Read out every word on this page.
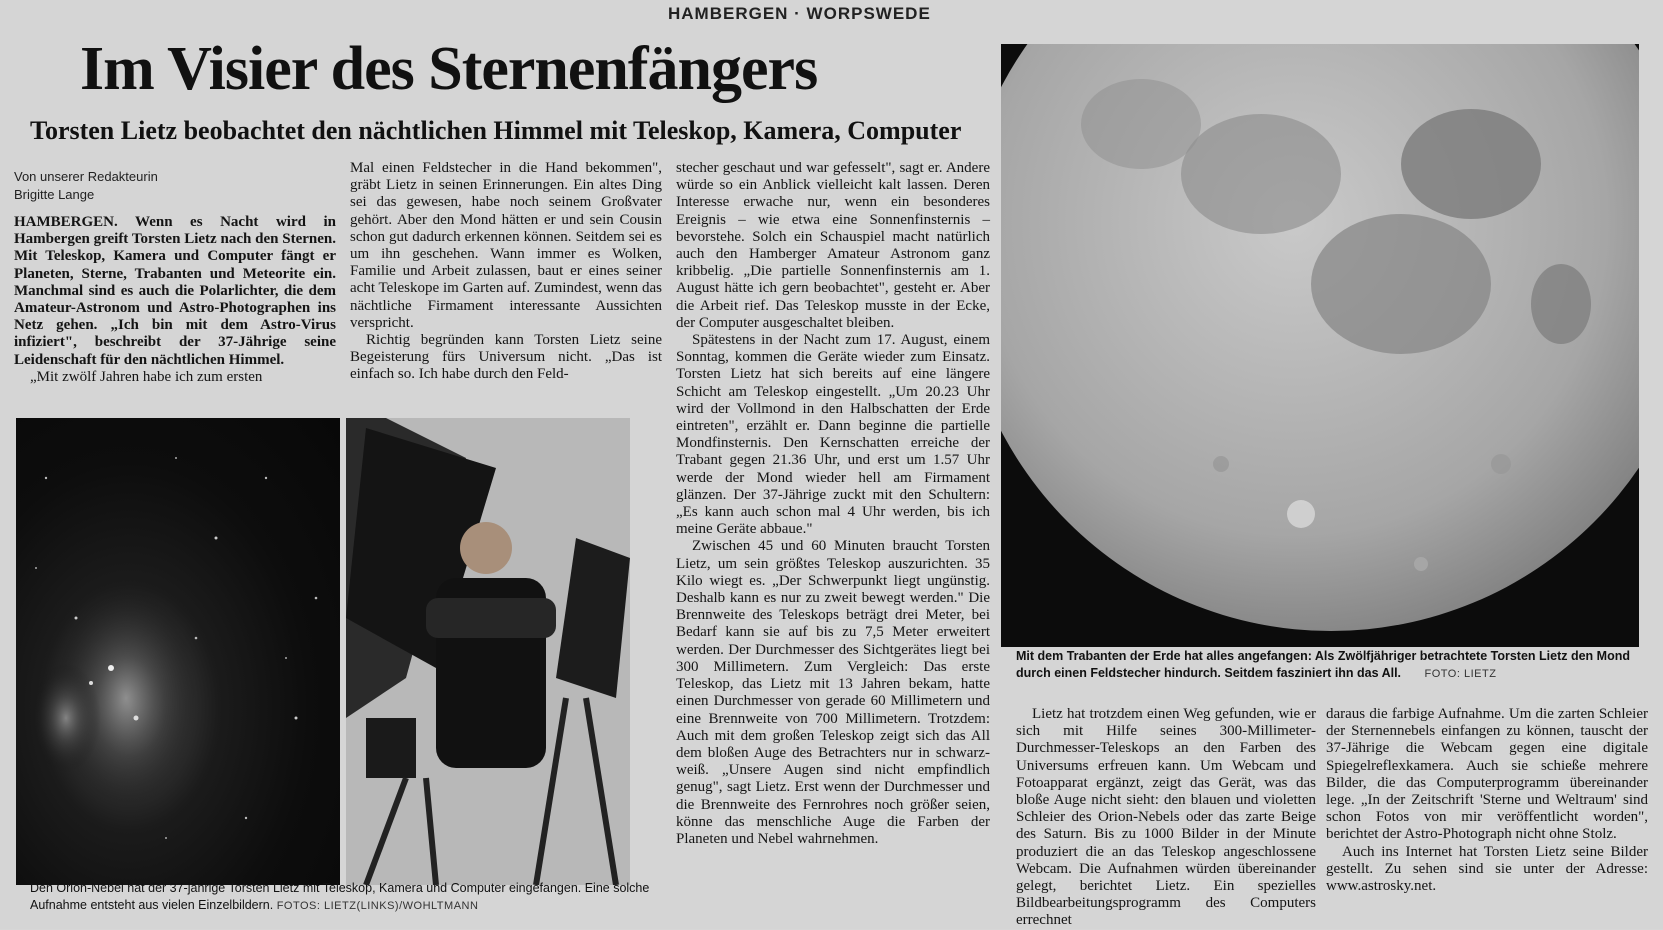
HAMBERGEN · WORPSWEDE
Im Visier des Sternenfängers
Torsten Lietz beobachtet den nächtlichen Himmel mit Teleskop, Kamera, Computer
Von unserer Redakteurin
Brigitte Lange

HAMBERGEN. Wenn es Nacht wird in Hambergen greift Torsten Lietz nach den Sternen. Mit Teleskop, Kamera und Computer fängt er Planeten, Sterne, Trabanten und Meteorite ein. Manchmal sind es auch die Polarlichter, die dem Amateur-Astronom und Astro-Photographen ins Netz gehen. „Ich bin mit dem Astro-Virus infiziert", beschreibt der 37-Jährige seine Leidenschaft für den nächtlichen Himmel.

„Mit zwölf Jahren habe ich zum ersten

Mal einen Feldstecher in die Hand bekommen", gräbt Lietz in seinen Erinnerungen. Ein altes Ding sei das gewesen, habe noch seinem Großvater gehört. Aber den Mond hätten er und sein Cousin schon gut dadurch erkennen können. Seitdem sei es um ihn geschehen. Wann immer es Wolken, Familie und Arbeit zulassen, baut er eines seiner acht Teleskope im Garten auf. Zumindest, wenn das nächtliche Firmament interessante Aussichten verspricht.

Richtig begründen kann Torsten Lietz seine Begeisterung fürs Universum nicht. „Das ist einfach so. Ich habe durch den Feld-

stecher geschaut und war gefesselt", sagt er. Andere würde so ein Anblick vielleicht kalt lassen. Deren Interesse erwache nur, wenn ein besonderes Ereignis – wie etwa eine Sonnenfinsternis – bevorstehe. Solch ein Schauspiel macht natürlich auch den Hamberger Amateur Astronom ganz kribbelig. „Die partielle Sonnenfinsternis am 1. August hätte ich gern beobachtet", gesteht er. Aber die Arbeit rief. Das Teleskop musste in der Ecke, der Computer ausgeschaltet bleiben.

Spätestens in der Nacht zum 17. August, einem Sonntag, kommen die Geräte wieder zum Einsatz. Torsten Lietz hat sich bereits auf eine längere Schicht am Teleskop eingestellt. „Um 20.23 Uhr wird der Vollmond in den Halbschatten der Erde eintreten", erzählt er. Dann beginne die partielle Mondfinsternis. Den Kernschatten erreiche der Trabant gegen 21.36 Uhr, und erst um 1.57 Uhr werde der Mond wieder hell am Firmament glänzen. Der 37-Jährige zuckt mit den Schultern: „Es kann auch schon mal 4 Uhr werden, bis ich meine Geräte abbaue."

Zwischen 45 und 60 Minuten braucht Torsten Lietz, um sein größtes Teleskop auszurichten. 35 Kilo wiegt es. „Der Schwerpunkt liegt ungünstig. Deshalb kann es nur zu zweit bewegt werden." Die Brennweite des Teleskops beträgt drei Meter, bei Bedarf kann sie auf bis zu 7,5 Meter erweitert werden. Der Durchmesser des Sichtgerätes liegt bei 300 Millimetern. Zum Vergleich: Das erste Teleskop, das Lietz mit 13 Jahren bekam, hatte einen Durchmesser von gerade 60 Millimetern und eine Brennweite von 700 Millimetern. Trotzdem: Auch mit dem großen Teleskop zeigt sich das All dem bloßen Auge des Betrachters nur in schwarz-weiß. „Unsere Augen sind nicht empfindlich genug", sagt Lietz. Erst wenn der Durchmesser und die Brennweite des Fernrohres noch größer seien, könne das menschliche Auge die Farben der Planeten und Nebel wahrnehmen.

Den Orion-Nebel hat der 37-jährige Torsten Lietz mit Teleskop, Kamera und Computer eingefangen. Eine solche Aufnahme entsteht aus vielen Einzelbildern. FOTOS: LIETZ(LINKS)/WOHLTMANN
Mit dem Trabanten der Erde hat alles angefangen: Als Zwölfjähriger betrachtete Torsten Lietz den Mond durch einen Feldstecher hindurch. Seitdem fasziniert ihn das All. FOTO: LIETZ

Lietz hat trotzdem einen Weg gefunden, wie er sich mit Hilfe seines 300-Millimeter-Durchmesser-Teleskops an den Farben des Universums erfreuen kann. Um Webcam und Fotoapparat ergänzt, zeigt das Gerät, was das bloße Auge nicht sieht: den blauen und violetten Schleier des Orion-Nebels oder das zarte Beige des Saturn. Bis zu 1000 Bilder in der Minute produziert die an das Teleskop angeschlossene Webcam. Die Aufnahmen würden übereinander gelegt, berichtet Lietz. Ein spezielles Bildbearbeitungsprogramm des Computers errechnet

daraus die farbige Aufnahme. Um die zarten Schleier der Sternennebels einfangen zu können, tauscht der 37-Jährige die Webcam gegen eine digitale Spiegelreflexkamera. Auch sie schieße mehrere Bilder, die das Computerprogramm übereinander lege. „In der Zeitschrift 'Sterne und Weltraum' sind schon Fotos von mir veröffentlicht worden", berichtet der Astro-Photograph nicht ohne Stolz.

Auch ins Internet hat Torsten Lietz seine Bilder gestellt. Zu sehen sind sie unter der Adresse: www.astrosky.net.
